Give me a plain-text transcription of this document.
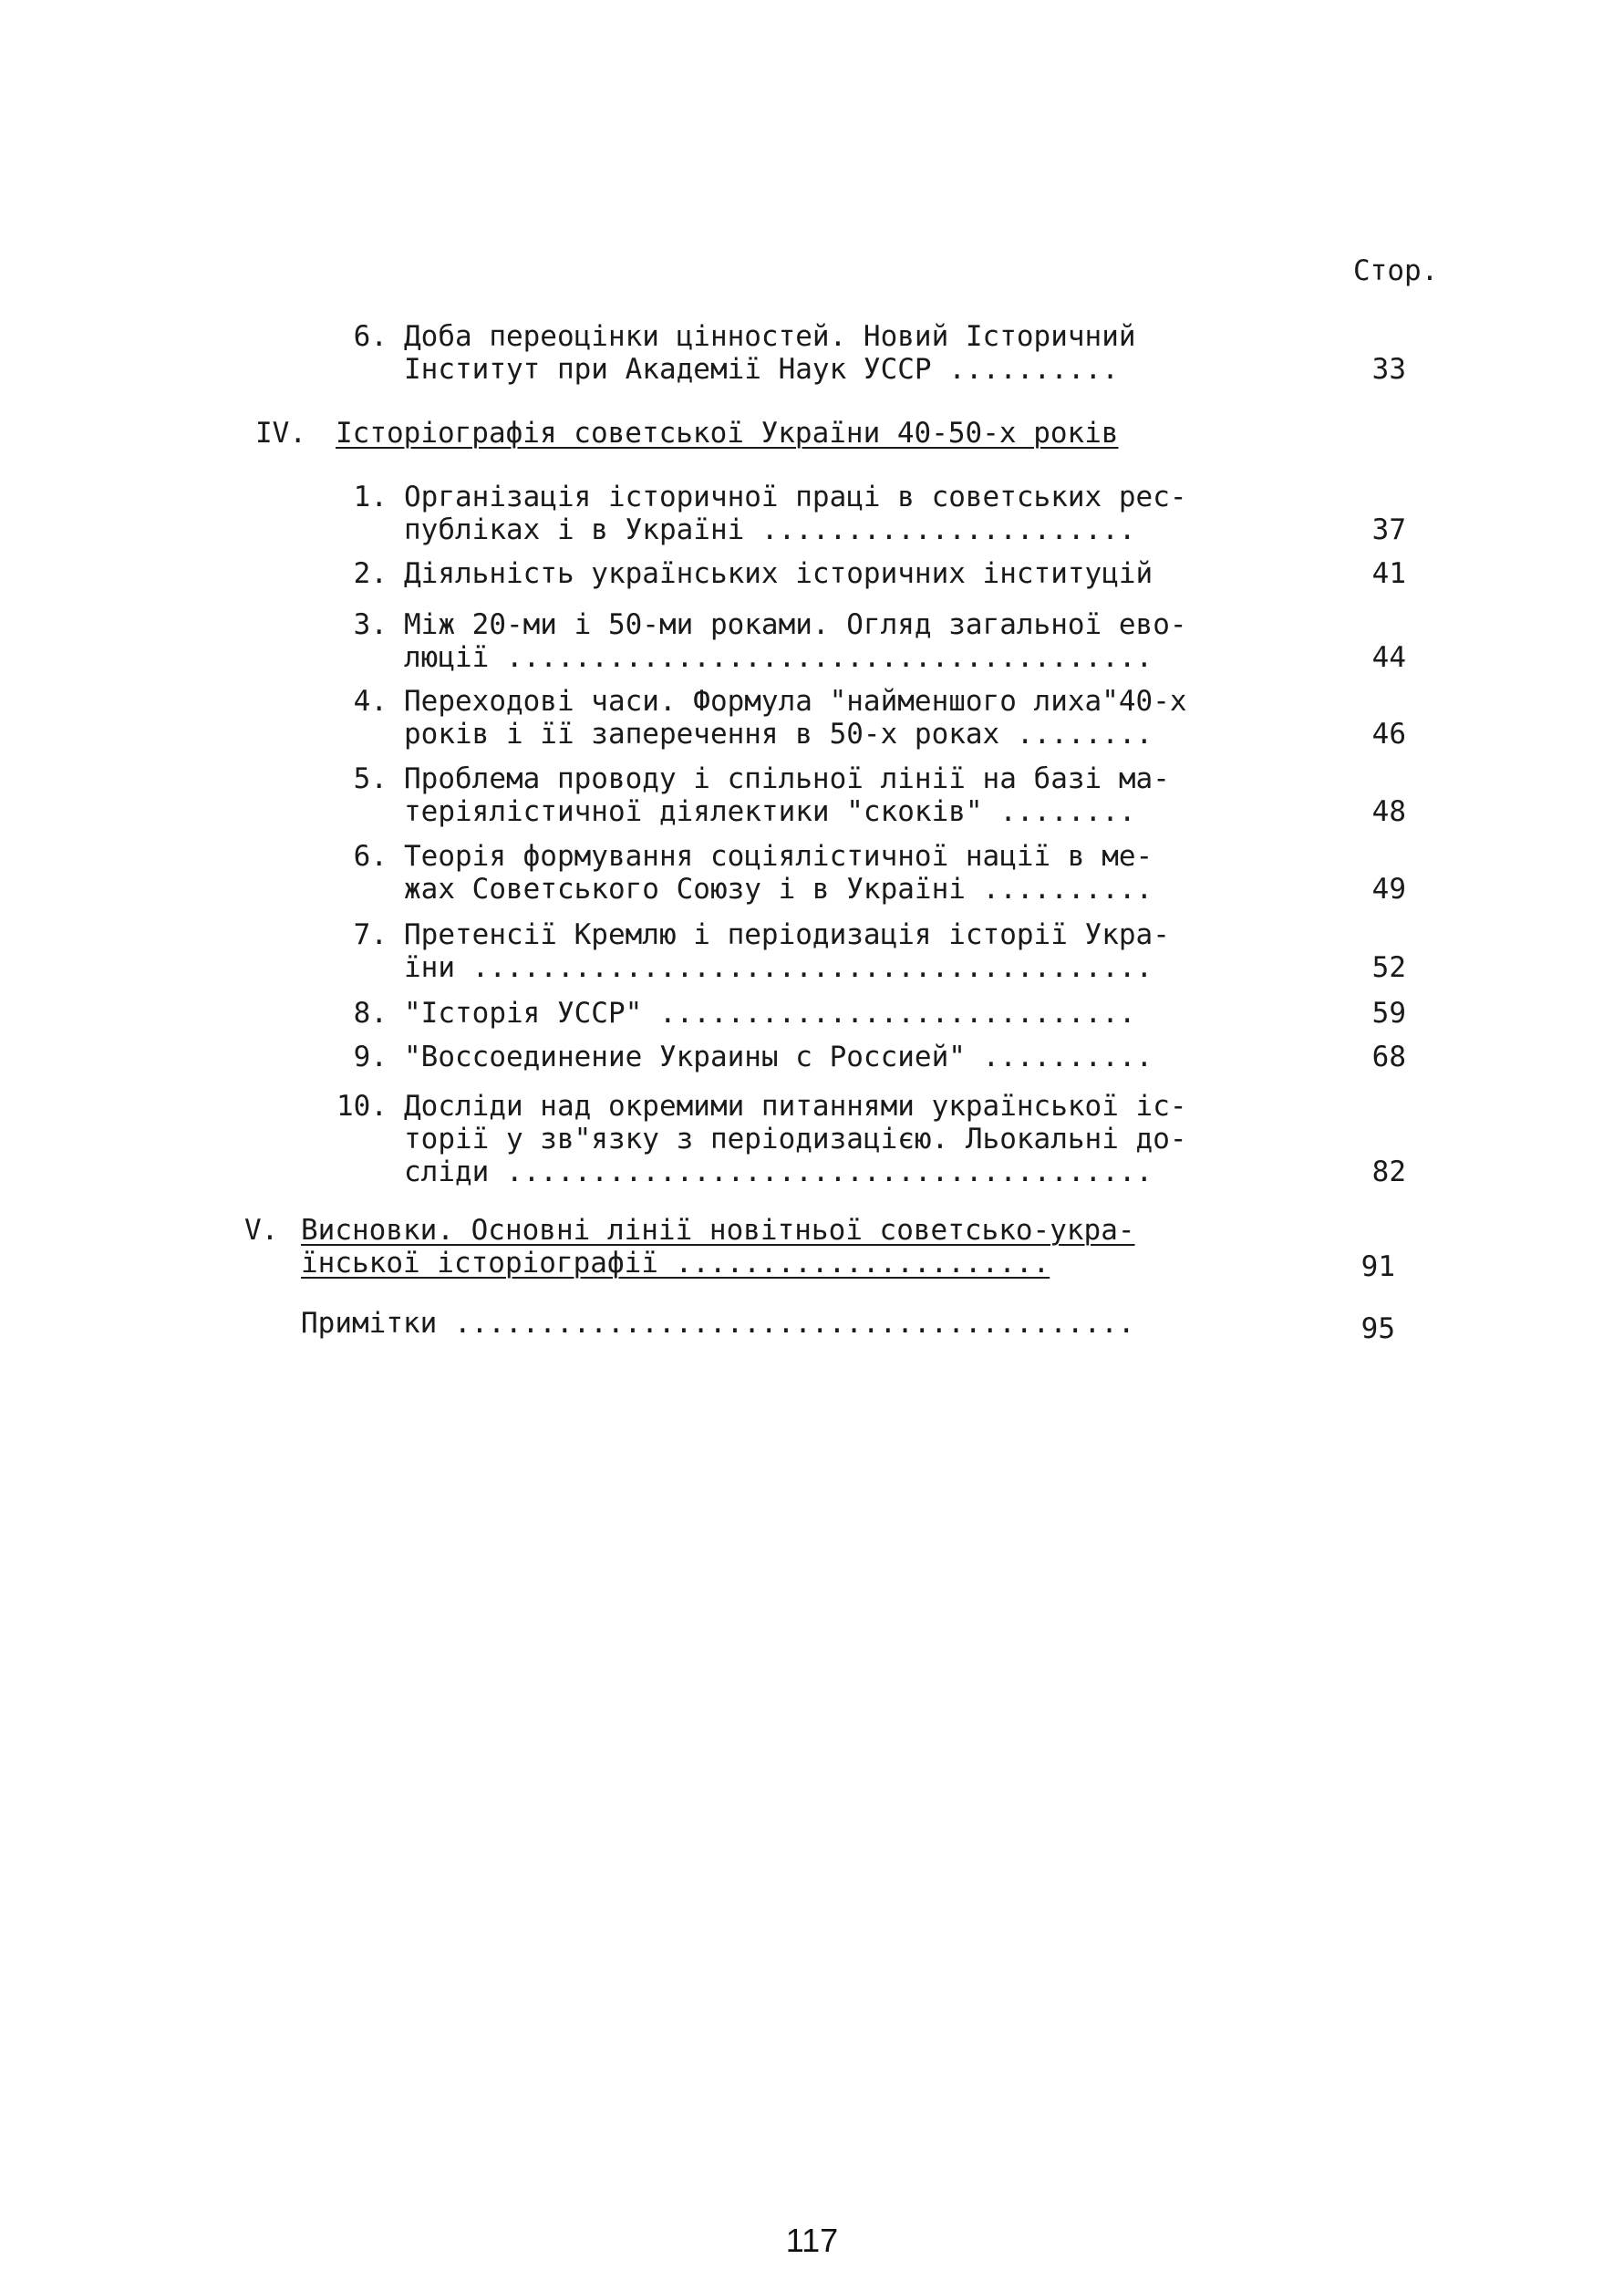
Стор.
6. Доба переоцінки цінностей. Новий Історичний
Інститут при Академії Наук УССР ..........	33
IV. Історіографія советської України 40-50-х років
1. Організація історичної праці в советських рес-
публіках і в Україні ......................	37
2. Діяльність українських історичних інституцій	41
3. Між 20-ми і 50-ми роками. Огляд загальної ево-
люції ......................................	44
4. Переходові часи. Формула "найменшого лиха"40-х
років і її заперечення в 50-х роках ........	46
5. Проблема проводу і спільної лінії на базі ма-
теріялістичної діялектики "скоків" ........	48
6. Теорія формування соціялістичної нації в ме-
жах Советського Союзу і в Україні ..........	49
7. Претенсії Кремлю і періодизація історії Укра-
їни ........................................	52
8. "Історія УССР" ............................	59
9. "Воссоединение Украины с Россией" ..........	68
10. Досліди над окремими питаннями української іс-
торії у зв"язку з періодизацією. Льокальні до-
сліди ......................................	82
V. Висновки. Основні лінії новітньої советсько-укра-
їнської історіографії ......................	91
Примітки ........................................	95
117
